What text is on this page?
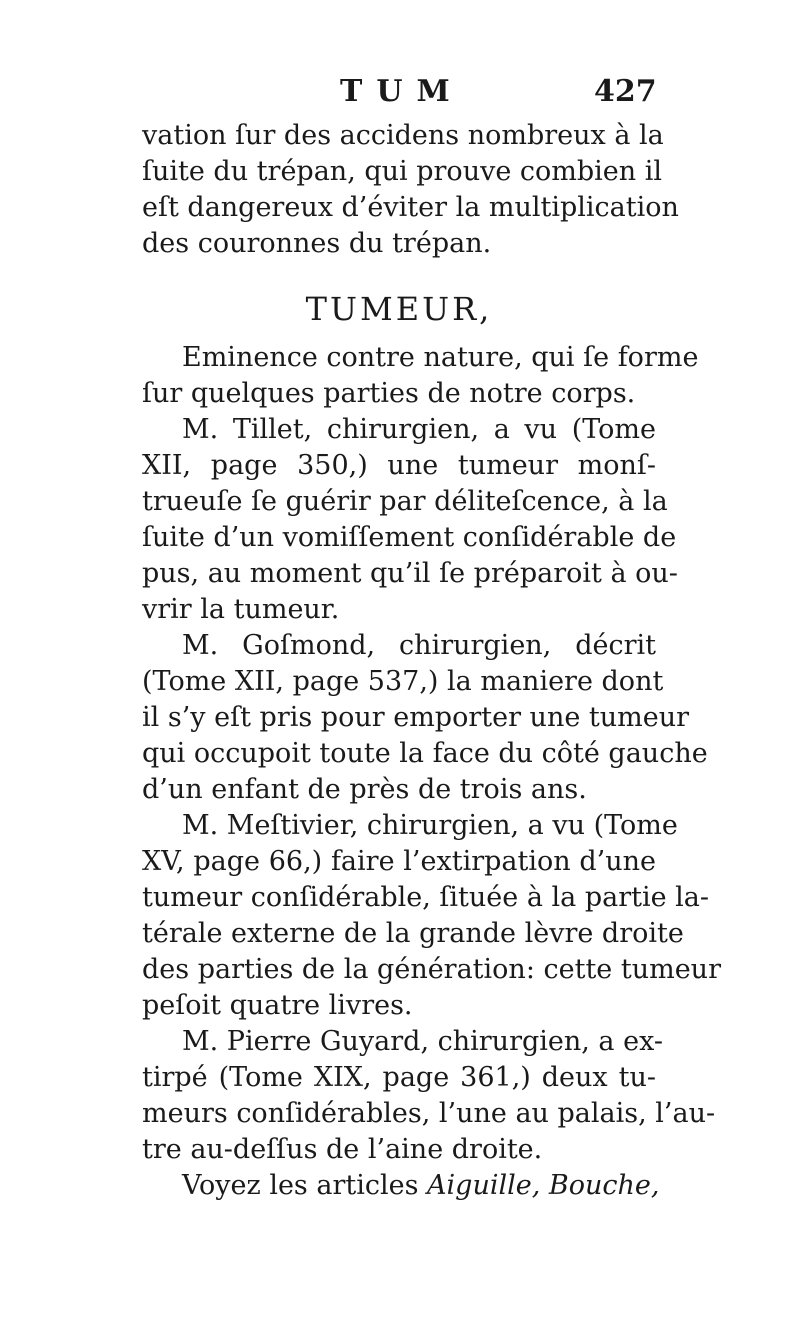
TUM	427
vation ſur des accidens nombreux à la
ſuite du trépan, qui prouve combien il
eſt dangereux d’éviter la multiplication
des couronnes du trépan.
TUMEUR,
Eminence contre nature, qui ſe forme
ſur quelques parties de notre corps.
M. Tillet, chirurgien, a vu (Tome
XII, page 350,) une tumeur monſ-
trueuſe ſe guérir par déliteſcence, à la
ſuite d’un vomiſſement conſidérable de
pus, au moment qu’il ſe préparoit à ou-
vrir la tumeur.
M. Goſmond, chirurgien, décrit
(Tome XII, page 537,) la maniere dont
il s’y eſt pris pour emporter une tumeur
qui occupoit toute la face du côté gauche
d’un enfant de près de trois ans.
M. Meſtivier, chirurgien, a vu (Tome
XV, page 66,) faire l’extirpation d’une
tumeur conſidérable, ſituée à la partie la-
térale externe de la grande lèvre droite
des parties de la génération: cette tumeur
peſoit quatre livres.
M. Pierre Guyard, chirurgien, a ex-
tirpé (Tome XIX, page 361,) deux tu-
meurs conſidérables, l’une au palais, l’au-
tre au-deſſus de l’aine droite.
Voyez les articles Aiguille, Bouche,
